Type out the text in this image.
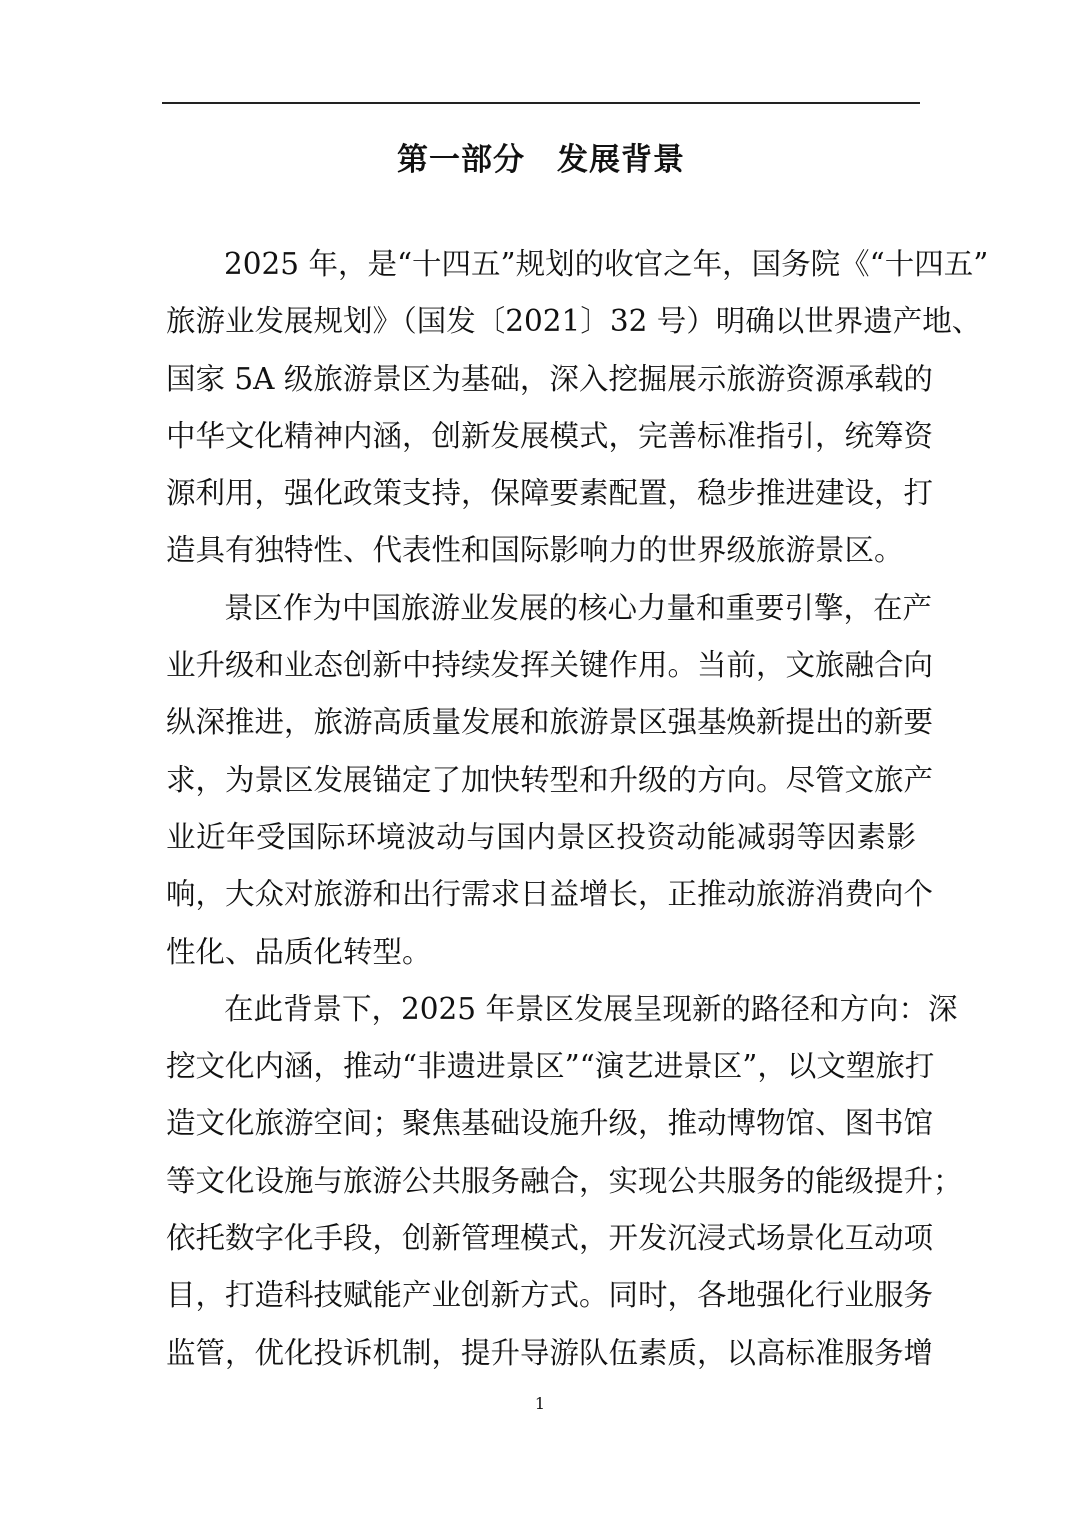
第一部分　发展背景
2025 年，是“十四五”规划的收官之年，国务院《“十四五”
旅游业发展规划》（国发〔2021〕32 号）明确以世界遗产地、
国家 5A 级旅游景区为基础，深入挖掘展示旅游资源承载的
中华文化精神内涵，创新发展模式，完善标准指引，统筹资
源利用，强化政策支持，保障要素配置，稳步推进建设，打
造具有独特性、代表性和国际影响力的世界级旅游景区。
景区作为中国旅游业发展的核心力量和重要引擎，在产
业升级和业态创新中持续发挥关键作用。当前，文旅融合向
纵深推进，旅游高质量发展和旅游景区强基焕新提出的新要
求，为景区发展锚定了加快转型和升级的方向。尽管文旅产
业近年受国际环境波动与国内景区投资动能减弱等因素影
响，大众对旅游和出行需求日益增长，正推动旅游消费向个
性化、品质化转型。
在此背景下，2025 年景区发展呈现新的路径和方向：深
挖文化内涵，推动“非遗进景区”“演艺进景区”，以文塑旅打
造文化旅游空间；聚焦基础设施升级，推动博物馆、图书馆
等文化设施与旅游公共服务融合，实现公共服务的能级提升；
依托数字化手段，创新管理模式，开发沉浸式场景化互动项
目，打造科技赋能产业创新方式。同时，各地强化行业服务
监管，优化投诉机制，提升导游队伍素质，以高标准服务增
1
